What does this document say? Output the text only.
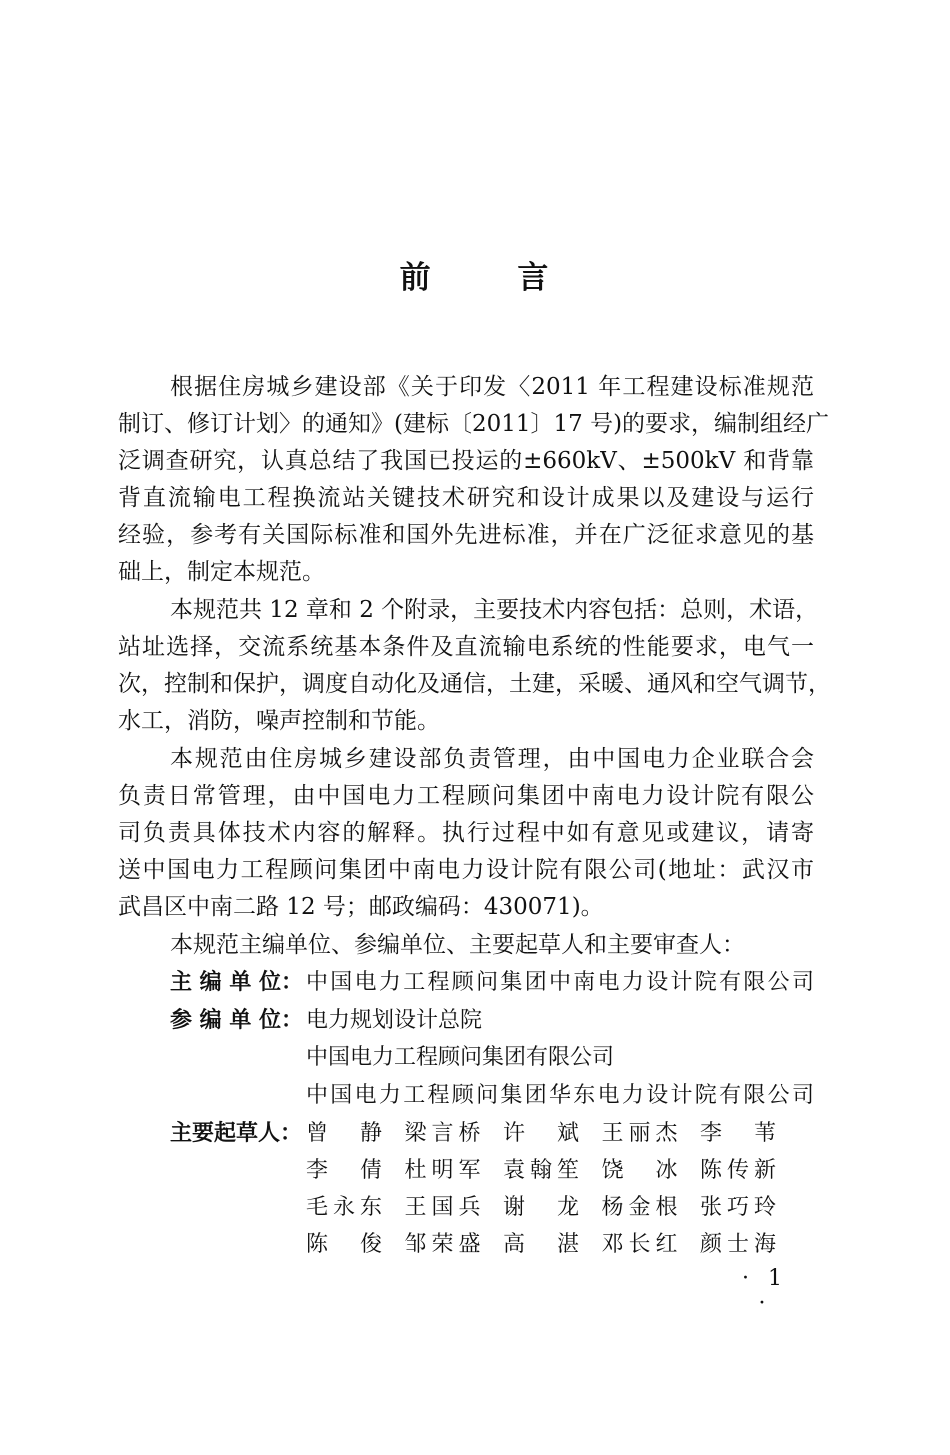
前	言
根据住房城乡建设部《关于印发〈2011 年工程建设标准规范
制订、修订计划〉的通知》(建标〔2011〕17 号)的要求，编制组经广
泛调查研究，认真总结了我国已投运的±660kV、±500kV 和背靠
背直流输电工程换流站关键技术研究和设计成果以及建设与运行
经验，参考有关国际标准和国外先进标准，并在广泛征求意见的基
础上，制定本规范。
本规范共 12 章和 2 个附录，主要技术内容包括：总则，术语，
站址选择，交流系统基本条件及直流输电系统的性能要求，电气一
次，控制和保护，调度自动化及通信，土建，采暖、通风和空气调节，
水工，消防，噪声控制和节能。
本规范由住房城乡建设部负责管理，由中国电力企业联合会
负责日常管理，由中国电力工程顾问集团中南电力设计院有限公
司负责具体技术内容的解释。执行过程中如有意见或建议，请寄
送中国电力工程顾问集团中南电力设计院有限公司(地址：武汉市
武昌区中南二路 12 号；邮政编码：430071)。
本规范主编单位、参编单位、主要起草人和主要审查人：
主 编 单 位： 中国电力工程顾问集团中南电力设计院有限公司
参 编 单 位： 电力规划设计总院
中国电力工程顾问集团有限公司
中国电力工程顾问集团华东电力设计院有限公司
主要起草人： 曾 静 梁言桥 许 斌 王丽杰 李 苇
李 倩 杜明军 袁翰笙 饶 冰 陈传新
毛永东 王国兵 谢 龙 杨金根 张巧玲
陈 俊 邹荣盛 高 湛 邓长红 颜士海
· 1 ·
